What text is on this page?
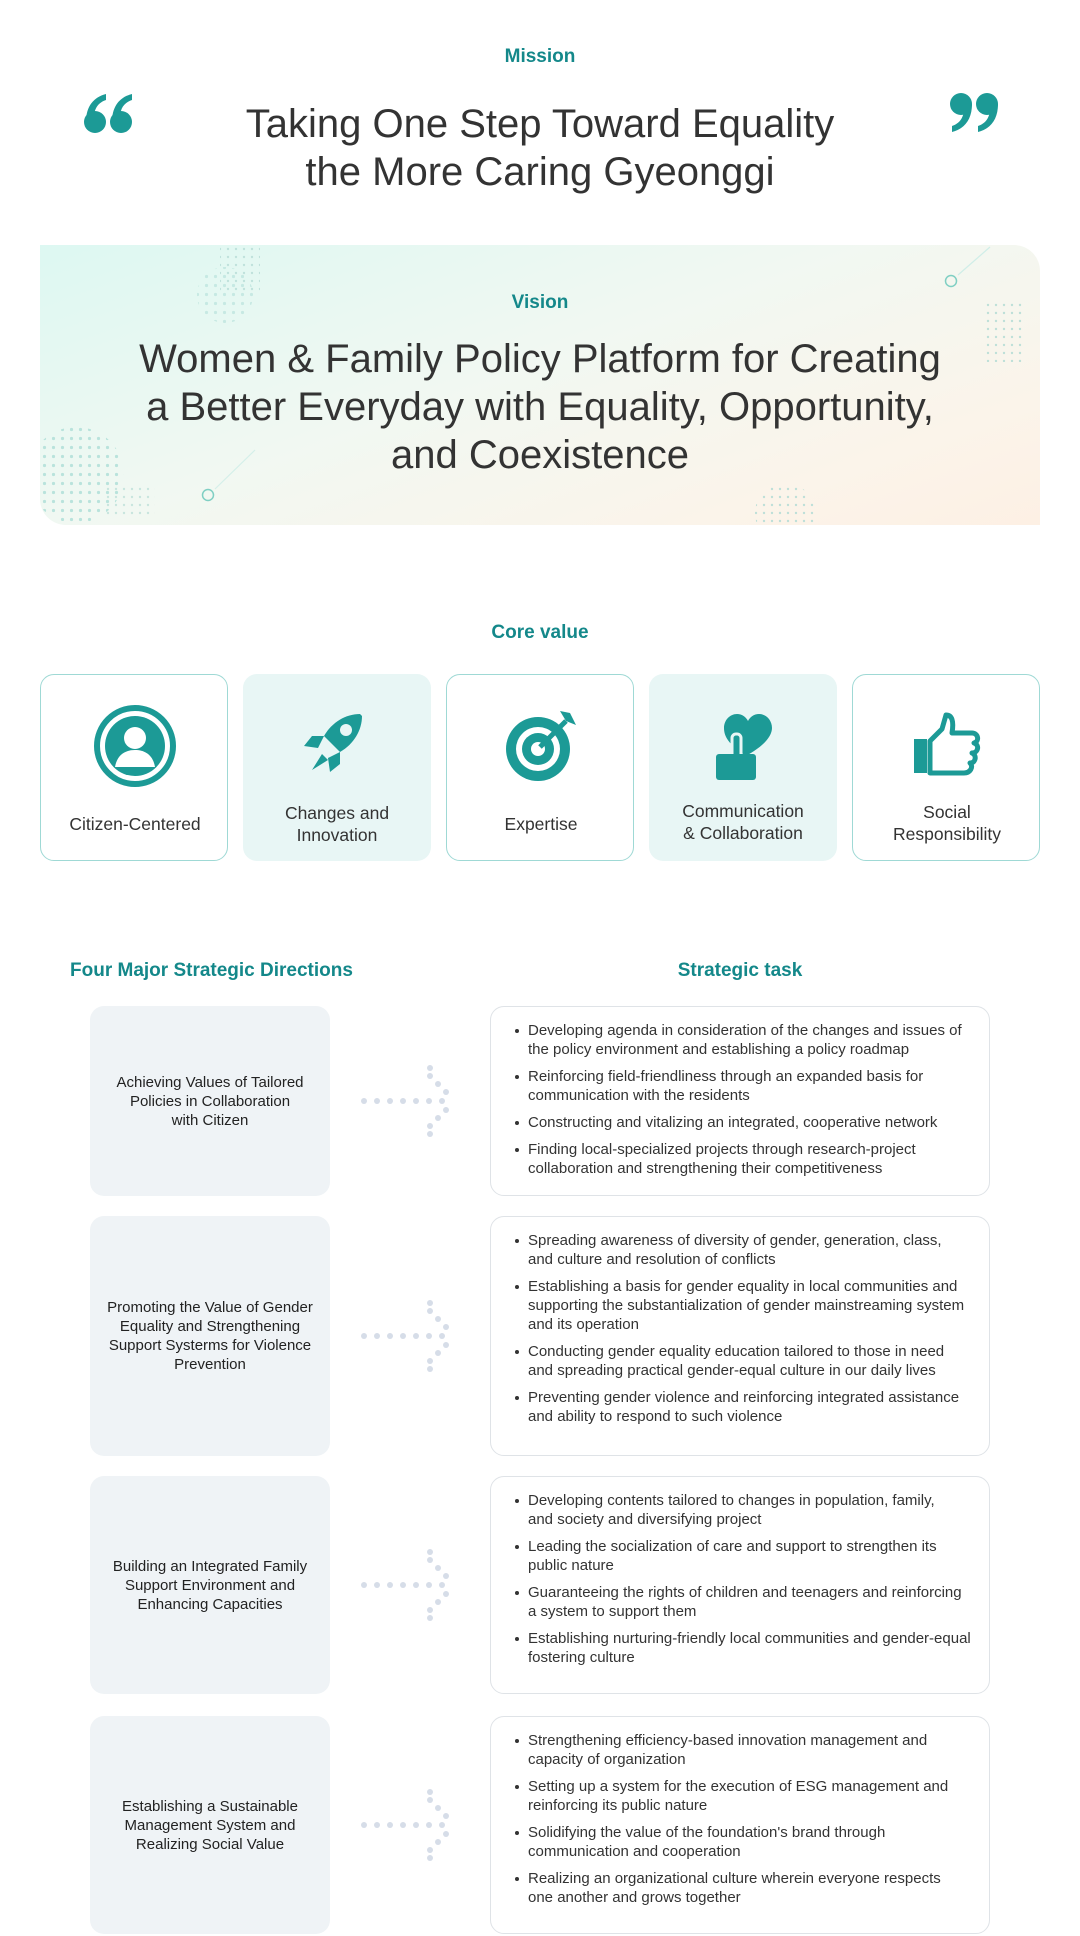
Mission
Taking One Step Toward Equality
the More Caring Gyeonggi
Vision
Women & Family Policy Platform for Creating
a Better Everyday with Equality, Opportunity,
and Coexistence
Core value
Citizen-Centered
Changes and
Innovation
Expertise
Communication
& Collaboration
Social
Responsibility
Four Major Strategic Directions	Strategic task
Achieving Values of Tailored
Policies in Collaboration
with Citizen
Developing agenda in consideration of the changes and issues of
the policy environment and establishing a policy roadmap
Reinforcing field-friendliness through an expanded basis for
communication with the residents
Constructing and vitalizing an integrated, cooperative network
Finding local-specialized projects through research-project
collaboration and strengthening their competitiveness
Promoting the Value of Gender
Equality and Strengthening
Support Systerms for Violence
Prevention
Spreading awareness of diversity of gender, generation, class,
and culture and resolution of conflicts
Establishing a basis for gender equality in local communities and
supporting the substantialization of gender mainstreaming system
and its operation
Conducting gender equality education tailored to those in need
and spreading practical gender-equal culture in our daily lives
Preventing gender violence and reinforcing integrated assistance
and ability to respond to such violence
Building an Integrated Family
Support Environment and
Enhancing Capacities
Developing contents tailored to changes in population, family,
and society and diversifying project
Leading the socialization of care and support to strengthen its
public nature
Guaranteeing the rights of children and teenagers and reinforcing
a system to support them
Establishing nurturing-friendly local communities and gender-equal
fostering culture
Establishing a Sustainable
Management System and
Realizing Social Value
Strengthening efficiency-based innovation management and
capacity of organization
Setting up a system for the execution of ESG management and
reinforcing its public nature
Solidifying the value of the foundation's brand through
communication and cooperation
Realizing an organizational culture wherein everyone respects
one another and grows together
